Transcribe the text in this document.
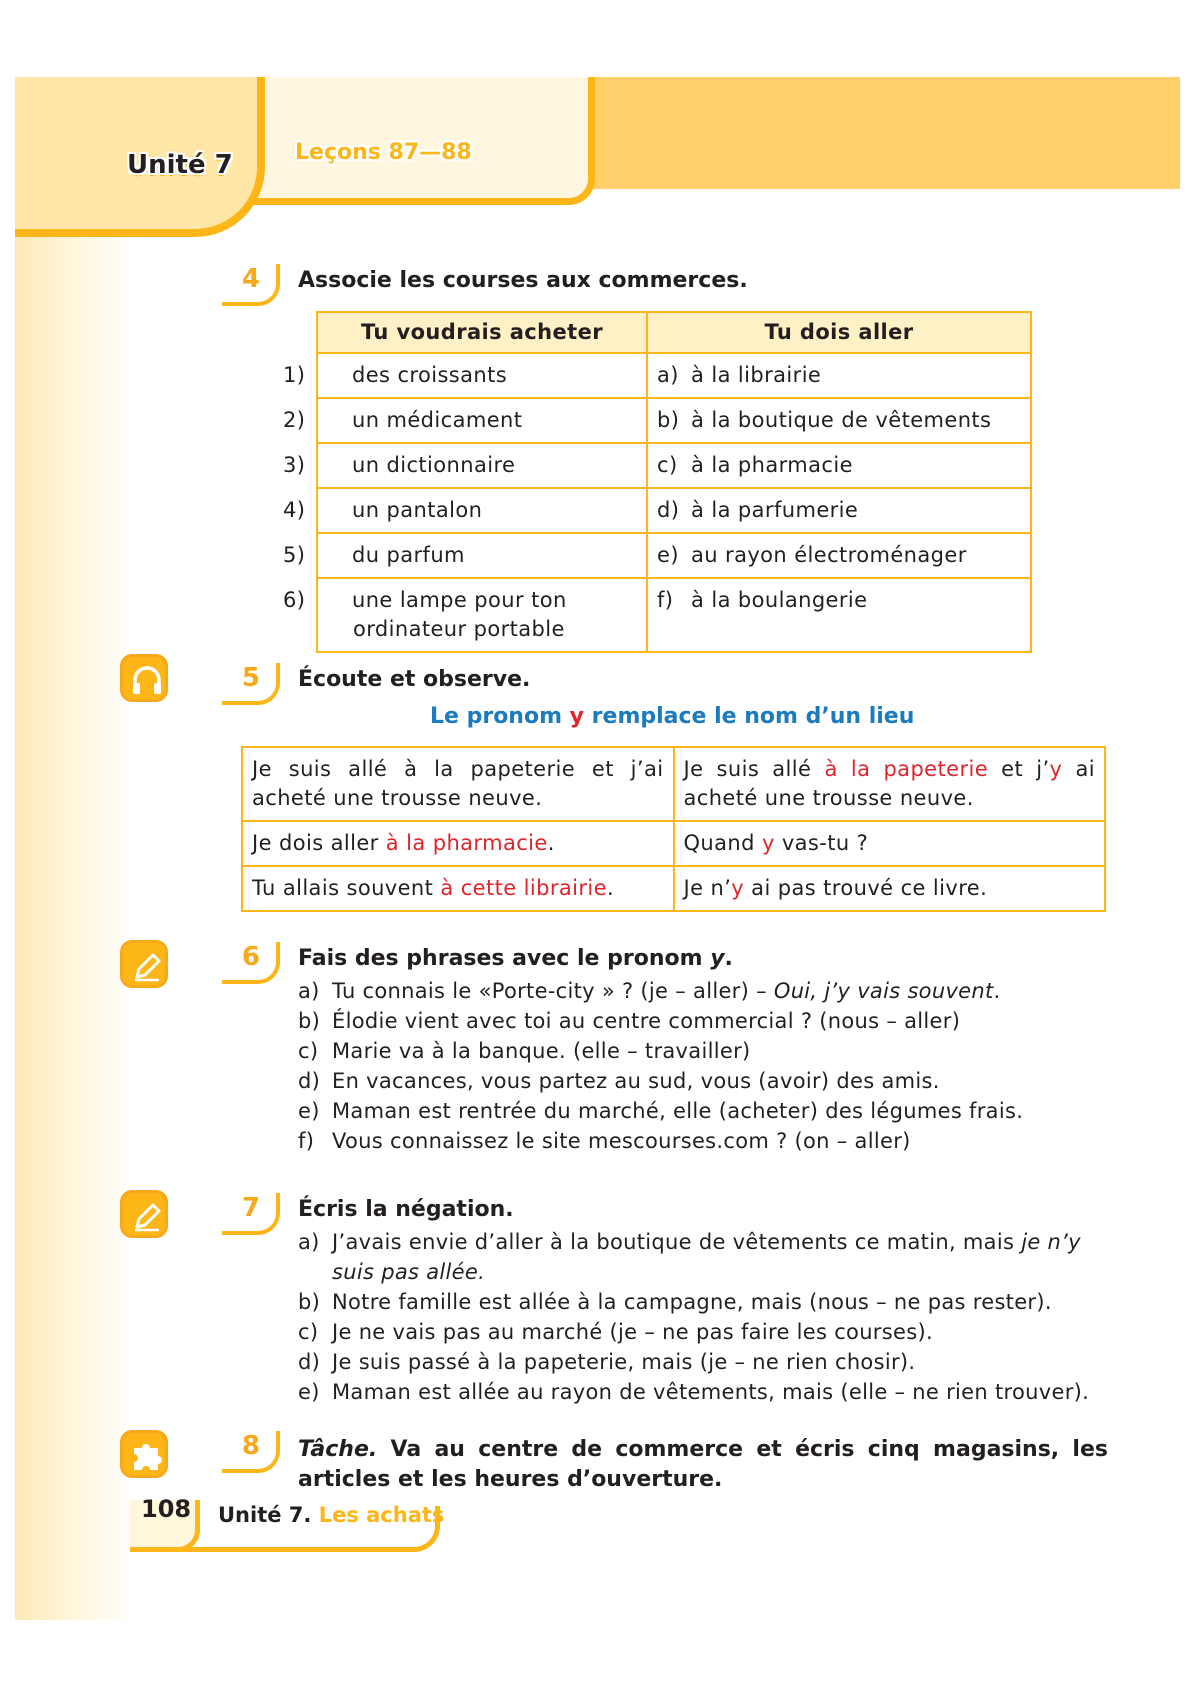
Unité 7	Leçons 87—88
4 Associe les courses aux commerces.
Tu voudrais acheter	Tu dois aller
1) des croissants	a) à la librairie
2) un médicament	b) à la boutique de vêtements
3) un dictionnaire	c) à la pharmacie
4) un pantalon	d) à la parfumerie
5) du parfum	e) au rayon électroménager
6) une lampe pour ton ordinateur portable	f) à la boulangerie
5 Écoute et observe.
Le pronom y remplace le nom d’un lieu
Je suis allé à la papeterie et j’ai acheté une trousse neuve.	Je suis allé à la papeterie et j’y ai acheté une trousse neuve.
Je dois aller à la pharmacie.	Quand y vas-tu ?
Tu allais souvent à cette librairie.	Je n’y ai pas trouvé ce livre.
6 Fais des phrases avec le pronom y.
a) Tu connais le «Porte-city » ? (je – aller) – Oui, j’y vais souvent.
b) Élodie vient avec toi au centre commercial ? (nous – aller)
c) Marie va à la banque. (elle – travailler)
d) En vacances, vous partez au sud, vous (avoir) des amis.
e) Maman est rentrée du marché, elle (acheter) des légumes frais.
f) Vous connaissez le site mescourses.com ? (on – aller)
7 Écris la négation.
a) J’avais envie d’aller à la boutique de vêtements ce matin, mais je n’y suis pas allée.
b) Notre famille est allée à la campagne, mais (nous – ne pas rester).
c) Je ne vais pas au marché (je – ne pas faire les courses).
d) Je suis passé à la papeterie, mais (je – ne rien chosir).
e) Maman est allée au rayon de vêtements, mais (elle – ne rien trouver).
8 Tâche. Va au centre de commerce et écris cinq magasins, les articles et les heures d’ouverture.
108 Unité 7. Les achats
